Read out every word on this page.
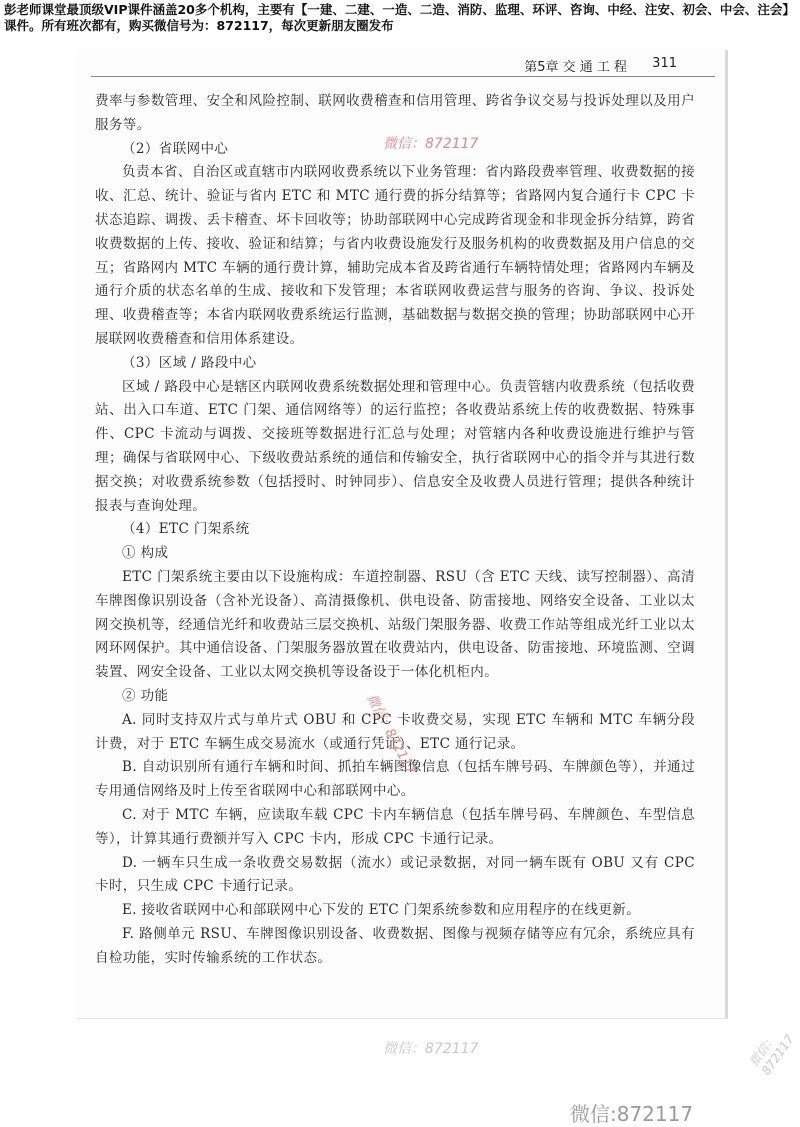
彭老师课堂最顶级VIP课件涵盖20多个机构，主要有【一建、二建、一造、二造、消防、监理、环评、咨询、中经、注安、初会、中会、注会】课件。所有班次都有，购买微信号为：872117，每次更新朋友圈发布
第5章 交 通 工 程 311

费率与参数管理、安全和风险控制、联网收费稽查和信用管理、跨省争议交易与投诉处理以及用户服务等。

（2）省联网中心

负责本省、自治区或直辖市内联网收费系统以下业务管理：省内路段费率管理、收费数据的接收、汇总、统计、验证与省内 ETC 和 MTC 通行费的拆分结算等；省路网内复合通行卡 CPC 卡状态追踪、调拨、丢卡稽查、坏卡回收等；协助部联网中心完成跨省现金和非现金拆分结算，跨省收费数据的上传、接收、验证和结算；与省内收费设施发行及服务机构的收费数据及用户信息的交互；省路网内 MTC 车辆的通行费计算，辅助完成本省及跨省通行车辆特情处理；省路网内车辆及通行介质的状态名单的生成、接收和下发管理；本省联网收费运营与服务的咨询、争议、投诉处理、收费稽查等；本省内联网收费系统运行监测，基础数据与数据交换的管理；协助部联网中心开展联网收费稽查和信用体系建设。

（3）区域 / 路段中心

区域 / 路段中心是辖区内联网收费系统数据处理和管理中心。负责管辖内收费系统（包括收费站、出入口车道、ETC 门架、通信网络等）的运行监控；各收费站系统上传的收费数据、特殊事件、CPC 卡流动与调拨、交接班等数据进行汇总与处理；对管辖内各种收费设施进行维护与管理；确保与省联网中心、下级收费站系统的通信和传输安全，执行省联网中心的指令并与其进行数据交换；对收费系统参数（包括授时、时钟同步）、信息安全及收费人员进行管理；提供各种统计报表与查询处理。

（4）ETC 门架系统

① 构成

ETC 门架系统主要由以下设施构成：车道控制器、RSU（含 ETC 天线、读写控制器）、高清车牌图像识别设备（含补光设备）、高清摄像机、供电设备、防雷接地、网络安全设备、工业以太网交换机等，经通信光纤和收费站三层交换机、站级门架服务器、收费工作站等组成光纤工业以太网环网保护。其中通信设备、门架服务器放置在收费站内，供电设备、防雷接地、环境监测、空调装置、网安全设备、工业以太网交换机等设备设于一体化机柜内。

② 功能

A. 同时支持双片式与单片式 OBU 和 CPC 卡收费交易，实现 ETC 车辆和 MTC 车辆分段计费，对于 ETC 车辆生成交易流水（或通行凭证）、ETC 通行记录。

B. 自动识别所有通行车辆和时间、抓拍车辆图像信息（包括车牌号码、车牌颜色等），并通过专用通信网络及时上传至省联网中心和部联网中心。

C. 对于 MTC 车辆，应读取车载 CPC 卡内车辆信息（包括车牌号码、车牌颜色、车型信息等），计算其通行费额并写入 CPC 卡内，形成 CPC 卡通行记录。

D. 一辆车只生成一条收费交易数据（流水）或记录数据，对同一辆车既有 OBU 又有 CPC 卡时，只生成 CPC 卡通行记录。

E. 接收省联网中心和部联网中心下发的 ETC 门架系统参数和应用程序的在线更新。

F. 路侧单元 RSU、车牌图像识别设备、收费数据、图像与视频存储等应有冗余，系统应具有自检功能，实时传输系统的工作状态。

微信：872117
微信：872117
微信：872117	微信：872117
微信:872117
